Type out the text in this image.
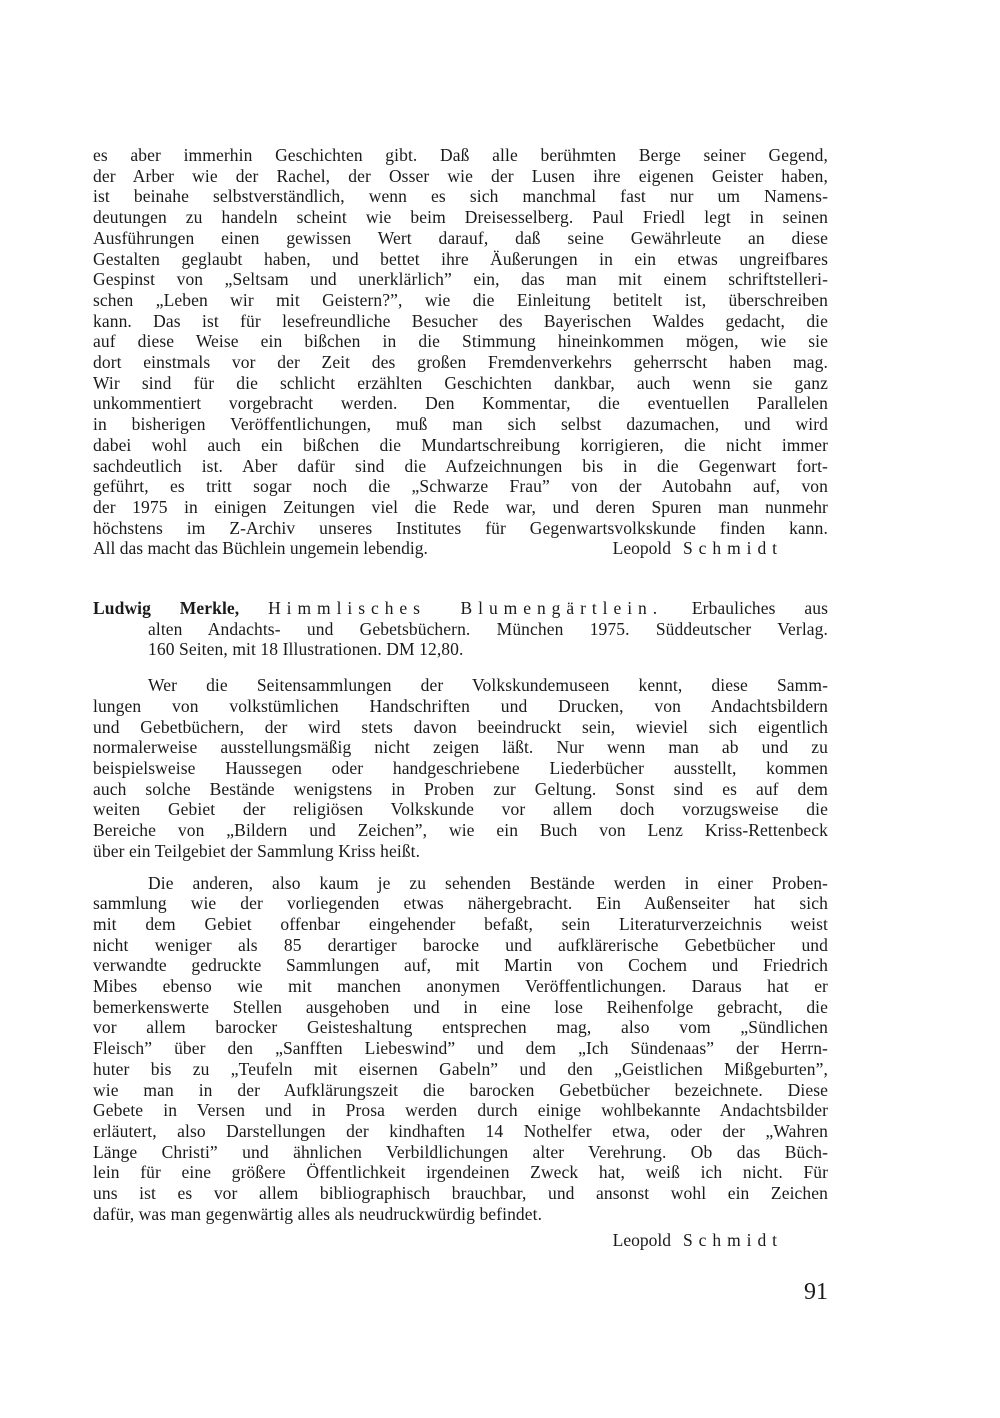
es aber immerhin Geschichten gibt. Daß alle berühmten Berge seiner Gegend,
der Arber wie der Rachel, der Osser wie der Lusen ihre eigenen Geister haben,
ist beinahe selbstverständlich, wenn es sich manchmal fast nur um Namens-
deutungen zu handeln scheint wie beim Dreisesselberg. Paul Friedl legt in seinen
Ausführungen einen gewissen Wert darauf, daß seine Gewährleute an diese
Gestalten geglaubt haben, und bettet ihre Äußerungen in ein etwas ungreifbares
Gespinst von „Seltsam und unerklärlich” ein, das man mit einem schriftstelleri-
schen „Leben wir mit Geistern?”, wie die Einleitung betitelt ist, überschreiben
kann. Das ist für lesefreundliche Besucher des Bayerischen Waldes gedacht, die
auf diese Weise ein bißchen in die Stimmung hineinkommen mögen, wie sie
dort einstmals vor der Zeit des großen Fremdenverkehrs geherrscht haben mag.
Wir sind für die schlicht erzählten Geschichten dankbar, auch wenn sie ganz
unkommentiert vorgebracht werden. Den Kommentar, die eventuellen Parallelen
in bisherigen Veröffentlichungen, muß man sich selbst dazumachen, und wird
dabei wohl auch ein bißchen die Mundartschreibung korrigieren, die nicht immer
sachdeutlich ist. Aber dafür sind die Aufzeichnungen bis in die Gegenwart fort-
geführt, es tritt sogar noch die „Schwarze Frau” von der Autobahn auf, von
der 1975 in einigen Zeitungen viel die Rede war, und deren Spuren man nunmehr
höchstens im Z-Archiv unseres Institutes für Gegenwartsvolkskunde finden kann.
All das macht das Büchlein ungemein lebendig.	Leopold Schmidt
Ludwig Merkle, Himmlisches Blumengärtlein. Erbauliches aus
alten Andachts- und Gebetsbüchern. München 1975. Süddeutscher Verlag.
160 Seiten, mit 18 Illustrationen. DM 12,80.
Wer die Seitensammlungen der Volkskundemuseen kennt, diese Samm-
lungen von volkstümlichen Handschriften und Drucken, von Andachtsbildern
und Gebetbüchern, der wird stets davon beeindruckt sein, wieviel sich eigentlich
normalerweise ausstellungsmäßig nicht zeigen läßt. Nur wenn man ab und zu
beispielsweise Haussegen oder handgeschriebene Liederbücher ausstellt, kommen
auch solche Bestände wenigstens in Proben zur Geltung. Sonst sind es auf dem
weiten Gebiet der religiösen Volkskunde vor allem doch vorzugsweise die
Bereiche von „Bildern und Zeichen”, wie ein Buch von Lenz Kriss-Rettenbeck
über ein Teilgebiet der Sammlung Kriss heißt.
Die anderen, also kaum je zu sehenden Bestände werden in einer Proben-
sammlung wie der vorliegenden etwas nähergebracht. Ein Außenseiter hat sich
mit dem Gebiet offenbar eingehender befaßt, sein Literaturverzeichnis weist
nicht weniger als 85 derartiger barocke und aufklärerische Gebetbücher und
verwandte gedruckte Sammlungen auf, mit Martin von Cochem und Friedrich
Mibes ebenso wie mit manchen anonymen Veröffentlichungen. Daraus hat er
bemerkenswerte Stellen ausgehoben und in eine lose Reihenfolge gebracht, die
vor allem barocker Geisteshaltung entsprechen mag, also vom „Sündlichen
Fleisch” über den „Sanfften Liebeswind” und dem „Ich Sündenaas” der Herrn-
huter bis zu „Teufeln mit eisernen Gabeln” und den „Geistlichen Mißgeburten”,
wie man in der Aufklärungszeit die barocken Gebetbücher bezeichnete. Diese
Gebete in Versen und in Prosa werden durch einige wohlbekannte Andachtsbilder
erläutert, also Darstellungen der kindhaften 14 Nothelfer etwa, oder der „Wahren
Länge Christi” und ähnlichen Verbildlichungen alter Verehrung. Ob das Büch-
lein für eine größere Öffentlichkeit irgendeinen Zweck hat, weiß ich nicht. Für
uns ist es vor allem bibliographisch brauchbar, und ansonst wohl ein Zeichen
dafür, was man gegenwärtig alles als neudruckwürdig befindet.
Leopold Schmidt
91
